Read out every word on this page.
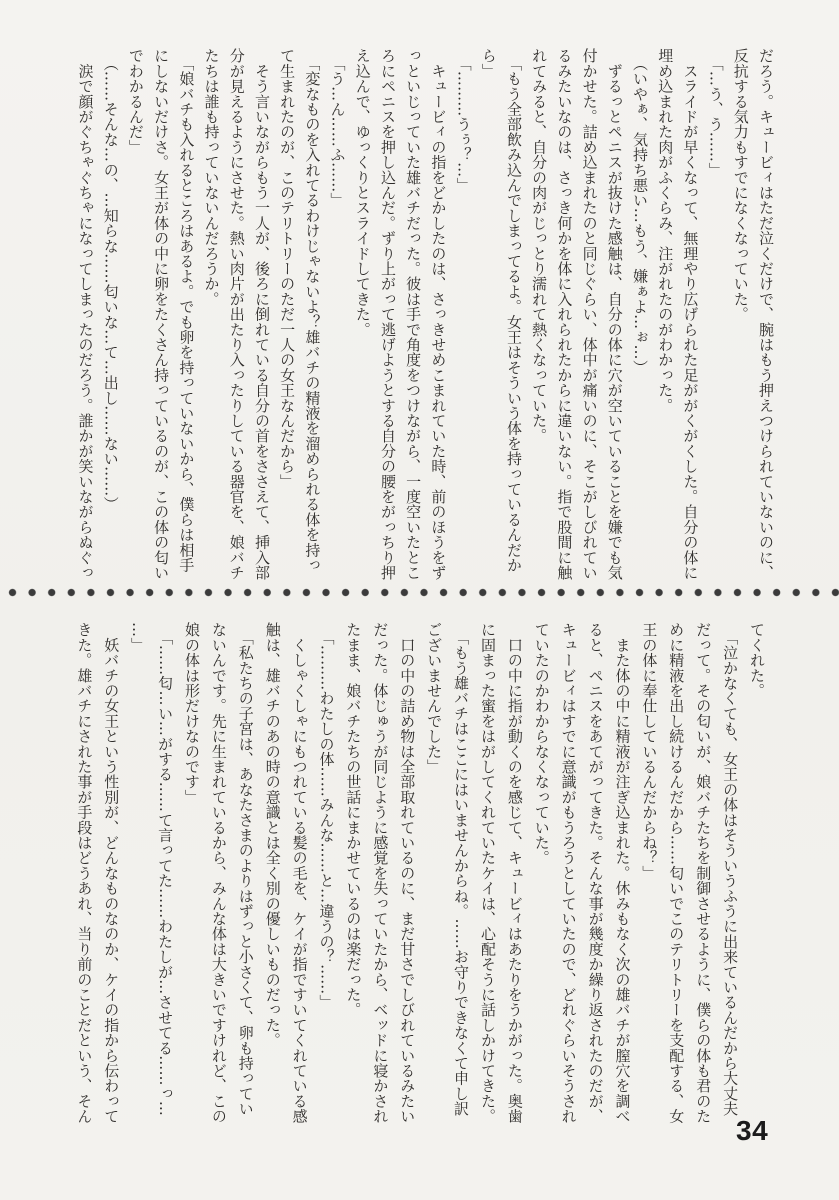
だろう。キュービィはただ泣くだけで、腕はもう押えつけられていないのに、
反抗する気力もすでになくなっていた。
　「…う、う……」
　スライドが早くなって、無理やり広げられた足ががくがくした。自分の体に
埋め込まれた肉がふくらみ、注がれたのがわかった。
　（いやぁ、気持ち悪い…もう、嫌ぁよ…ぉ…）
　ずるっとペニスが抜けた感触は、自分の体に穴が空いていることを嫌でも気
付かせた。詰め込まれたのと同じぐらい、体中が痛いのに、そこがしびれてい
るみたいなのは、さっき何かを体に入れられたからに違いない。指で股間に触
れてみると、自分の肉がじっとり濡れて熱くなっていた。
　「もう全部飲み込んでしまってるよ。女王はそういう体を持っているんだか
ら」
　「………うぅ？…」
　キュービィの指をどかしたのは、さっきせめこまれていた時、前のほうをず
っといじっていた雄バチだった。彼は手で角度をつけながら、一度空いたとこ
ろにペニスを押し込んだ。ずり上がって逃げようとする自分の腰をがっちり押
え込んで、ゆっくりとスライドしてきた。
　「う…ん……ふ……」
　「変なものを入れてるわけじゃないよ？雄バチの精液を溜められる体を持っ
て生まれたのが、このテリトリーのただ一人の女王なんだから」
　そう言いながらもう一人が、後ろに倒れている自分の首をささえて、挿入部
分が見えるようにさせた。熱い肉片が出たり入ったりしている器官を、娘バチ
たちは誰も持っていないんだろうか。
　「娘バチも入れるところはあるよ。でも卵を持っていないから、僕らは相手
にしないだけさ。女王が体の中に卵をたくさん持っているのが、この体の匂い
でわかるんだ」
　（……そんな…の、…知らな……匂いな…て…出し……ない……）
　涙で顔がぐちゃぐちゃになってしまったのだろう。誰かが笑いながらぬぐっ
てくれた。
　「泣かなくても、女王の体はそういうふうに出来ているんだから大丈夫
だって。その匂いが、娘バチたちを制御させるように、僕らの体も君のた
めに精液を出し続けるんだから……匂いでこのテリトリーを支配する、女
王の体に奉仕しているんだからね？」
　また体の中に精液が注ぎ込まれた。休みもなく次の雄バチが膣穴を調べ
ると、ペニスをあてがってきた。そんな事が幾度か繰り返されたのだが、
キュービィはすでに意識がもうろうとしていたので、どれぐらいそうされ
ていたのかわからなくなっていた。
　口の中に指が動くのを感じて、キュービィはあたりをうかがった。奥歯
に固まった蜜をはがしてくれていたケイは、心配そうに話しかけてきた。
　「もう雄バチはここにはいませんからね。……お守りできなくて申し訳
ございませんでした」
　口の中の詰め物は全部取れているのに、まだ甘さでしびれているみたい
だった。体じゅうが同じように感覚を失っていたから、ベッドに寝かされ
たまま、娘バチたちの世話にまかせているのは楽だった。
　「………わたしの体……みんな……と…違うの？……」
　くしゃくしゃにもつれている髪の毛を、ケイが指ですいてくれている感
触は、雄バチのあの時の意識とは全く別の優しいものだった。
　「私たちの子宮は、あなたさまのよりはずっと小さくて、卵も持ってい
ないんです。先に生まれているから、みんな体は大きいですけれど、この
娘の体は形だけなのです」
　「……匂…い…がする……て言ってた……わたしが…させてる……っ…
…」
　妖バチの女王という性別が、どんなものなのか、ケイの指から伝わって
きた。雄バチにされた事が手段はどうあれ、当り前のことだという、そん
34
